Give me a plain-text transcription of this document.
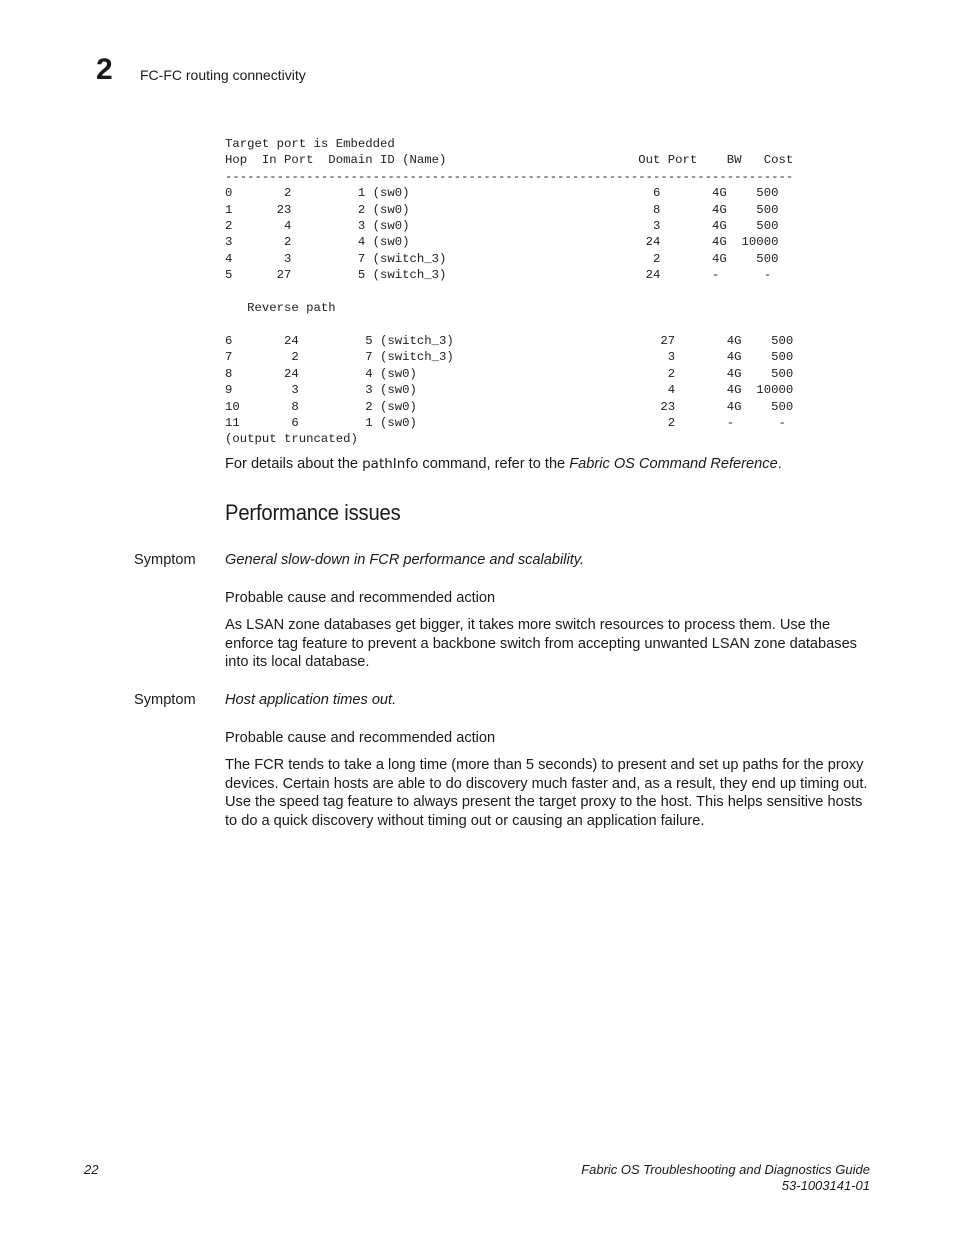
2 FC-FC routing connectivity
Target port is Embedded
Hop  In Port  Domain ID (Name)                          Out Port    BW   Cost
-----------------------------------------------------------------------------
0       2         1 (sw0)                                 6       4G    500
1      23         2 (sw0)                                 8       4G    500
2       4         3 (sw0)                                 3       4G    500
3       2         4 (sw0)                                24       4G  10000
4       3         7 (switch_3)                            2       4G    500
5      27         5 (switch_3)                           24       -      -

Reverse path

6       24         5 (switch_3)                            27       4G    500
7        2         7 (switch_3)                             3       4G    500
8       24         4 (sw0)                                  2       4G    500
9        3         3 (sw0)                                  4       4G  10000
10       8         2 (sw0)                                 23       4G    500
11       6         1 (sw0)                                  2       -      -
(output truncated)

For details about the pathInfo command, refer to the Fabric OS Command Reference.

Performance issues
Symptom General slow-down in FCR performance and scalability.
Probable cause and recommended action

As LSAN zone databases get bigger, it takes more switch resources to process them. Use the enforce tag feature to prevent a backbone switch from accepting unwanted LSAN zone databases into its local database.

Symptom Host application times out.
Probable cause and recommended action

The FCR tends to take a long time (more than 5 seconds) to present and set up paths for the proxy devices. Certain hosts are able to do discovery much faster and, as a result, they end up timing out. Use the speed tag feature to always present the target proxy to the host. This helps sensitive hosts to do a quick discovery without timing out or causing an application failure.

22	Fabric OS Troubleshooting and Diagnostics Guide
53-1003141-01
